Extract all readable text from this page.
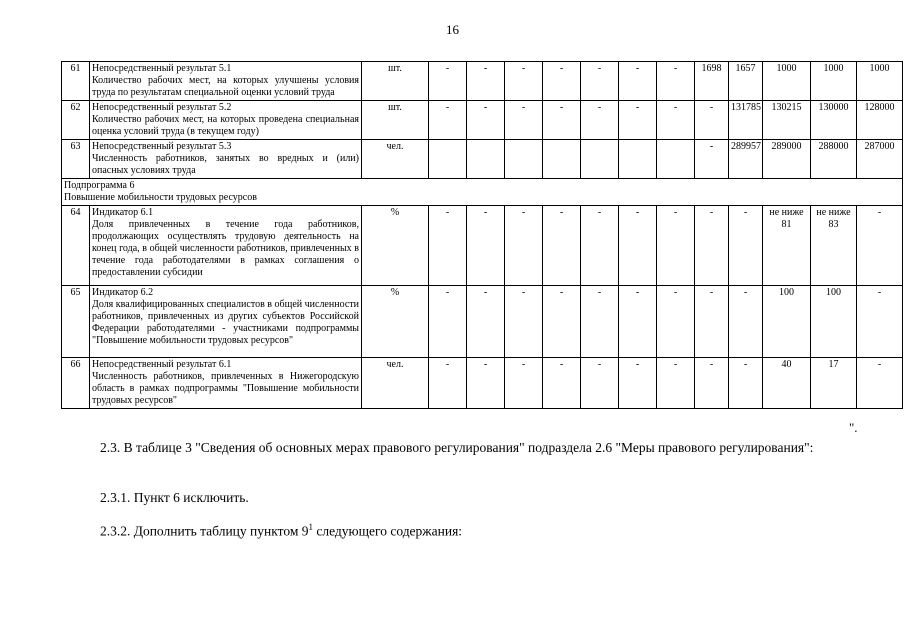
16
61	Непосредственный результат 5.1
Количество рабочих мест, на которых улучшены условия труда по результатам специальной оценки условий труда	шт.	-	-	-	-	-	-	-	1698	1657	1000	1000	1000
62	Непосредственный результат 5.2
Количество рабочих мест, на которых проведена специальная оценка условий труда (в текущем году)	шт.	-	-	-	-	-	-	-	-	131785	130215	130000	128000
63	Непосредственный результат 5.3
Численность работников, занятых во вредных и (или) опасных условиях труда	чел.								-	289957	289000	288000	287000

Подпрограмма 6
Повышение мобильности трудовых ресурсов														

64	Индикатор 6.1
Доля привлеченных в течение года работников, продолжающих осуществлять трудовую деятельность на конец года, в общей численности работников, привлеченных в течение года работодателями в рамках соглашения о предоставлении субсидии	%	-	-	-	-	-	-	-	-	-	не ниже 81	не ниже 83	-
65	Индикатор 6.2
Доля квалифицированных специалистов в общей численности работников, привлеченных из других субъектов Российской Федерации работодателями - участниками подпрограммы "Повышение мобильности трудовых ресурсов"	%	-	-	-	-	-	-	-	-	-	100	100	-
66	Непосредственный результат 6.1
Численность работников, привлеченных в Нижегородскую область в рамках подпрограммы "Повышение мобильности трудовых ресурсов"	чел.	-	-	-	-	-	-	-	-	-	40	17	-
".
2.3. В таблице 3 "Сведения об основных мерах правового регулирования" подраздела 2.6 "Меры правового регулирования":
2.3.1. Пункт 6 исключить.
2.3.2. Дополнить таблицу пунктом $9^1$ следующего содержания:
